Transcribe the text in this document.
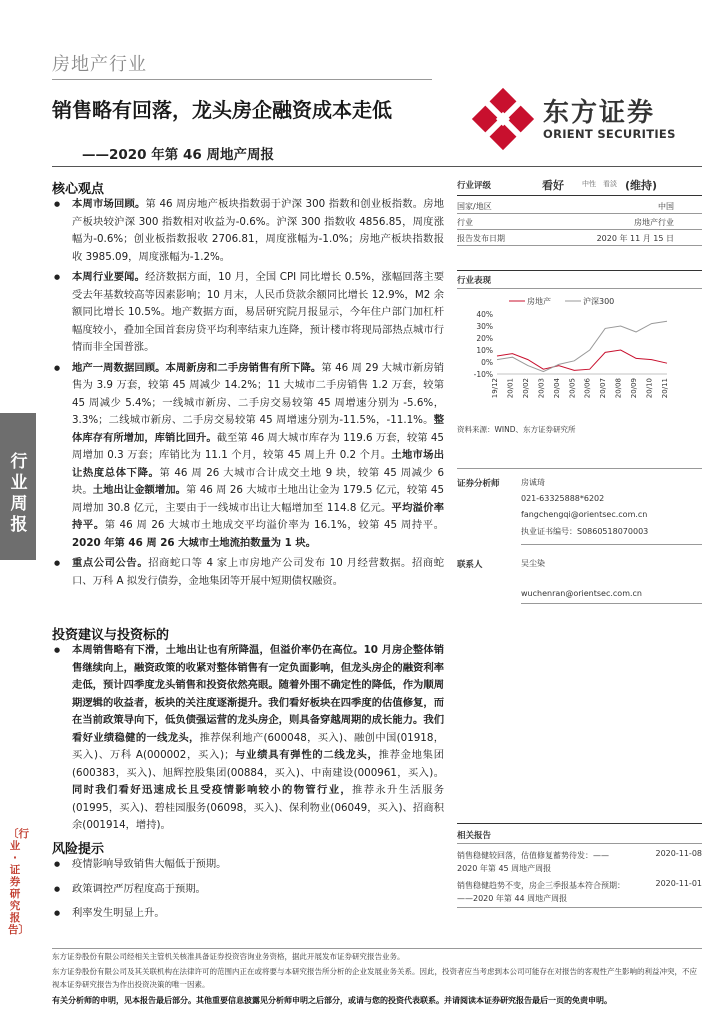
房地产行业
销售略有回落，龙头房企融资成本走低
——2020 年第 46 周地产周报
东方证券
ORIENT SECURITIES
核心观点
● 本周市场回顾。第 46 周房地产板块指数弱于沪深 300 指数和创业板指数。房地产板块较沪深 300 指数相对收益为-0.6%。沪深 300 指数收 4856.85，周度涨幅为-0.6%；创业板指数报收 2706.81，周度涨幅为-1.0%；房地产板块指数报收 3985.09，周度涨幅为-1.2%。
● 本周行业要闻。经济数据方面，10 月，全国 CPI 同比增长 0.5%，涨幅回落主要受去年基数较高等因素影响；10 月末，人民币贷款余额同比增长 12.9%，M2 余额同比增长 10.5%。地产数据方面，易居研究院月报显示，今年住户部门加杠杆幅度较小，叠加全国首套房贷平均利率结束九连降，预计楼市将现局部热点城市行情而非全国普涨。
● 地产一周数据回顾。本周新房和二手房销售有所下降。第 46 周 29 大城市新房销售为 3.9 万套，较第 45 周减少 14.2%；11 大城市二手房销售 1.2 万套，较第 45 周减少 5.4%；一线城市新房、二手房交易较第 45 周增速分别为 -5.6%，3.3%；二线城市新房、二手房交易较第 45 周增速分别为-11.5%，-11.1%。整体库存有所增加，库销比回升。截至第 46 周大城市库存为 119.6 万套，较第 45 周增加 0.3 万套；库销比为 11.1 个月，较第 45 周上升 0.2 个月。土地市场出让热度总体下降。第 46 周 26 大城市合计成交土地 9 块，较第 45 周减少 6 块。土地出让金额增加。第 46 周 26 大城市土地出让金为 179.5 亿元，较第 45 周增加 30.8 亿元，主要由于一线城市出让大幅增加至 114.8 亿元。平均溢价率持平。第 46 周 26 大城市土地成交平均溢价率为 16.1%，较第 45 周持平。2020 年第 46 周 26 大城市土地流拍数量为 1 块。
● 重点公司公告。招商蛇口等 4 家上市房地产公司发布 10 月经营数据。招商蛇口、万科 A 拟发行债券，金地集团等开展中短期债权融资。
投资建议与投资标的
● 本周销售略有下滑，土地出让也有所降温，但溢价率仍在高位。10 月房企整体销售继续向上，融资政策的收紧对整体销售有一定负面影响，但龙头房企的融资利率走低，预计四季度龙头销售和投资依然亮眼。随着外围不确定性的降低，作为顺周期逻辑的收益者，板块的关注度逐渐提升。我们看好板块在四季度的估值修复，而在当前政策导向下，低负债强运营的龙头房企，则具备穿越周期的成长能力。我们看好业绩稳健的一线龙头，推荐保利地产(600048，买入)、融创中国(01918，买入)、万科 A(000002，买入)；与业绩具有弹性的二线龙头，推荐金地集团(600383，买入)、旭辉控股集团(00884，买入)、中南建设(000961，买入)。同时我们看好迅速成长且受疫情影响较小的物管行业，推荐永升生活服务(01995，买入)、碧桂园服务(06098，买入)、保利物业(06049，买入)、招商积余(001914，增持)。
风险提示
● 疫情影响导致销售大幅低于预期。
● 政策调控严厉程度高于预期。
● 利率发生明显上升。
行业周报
〔行业·证券研究报告〕
行业评级	看好	中性 看淡 (维持)
国家/地区	中国
行业	房地产行业
报告发布日期	2020 年 11 月 15 日
行业表现
房地产	沪深300
40%
30%
20%
10%
0%
-10%
19/12 20/01 20/02 20/03 20/04 20/05 20/06 20/07 20/08 20/09 20/10 20/11
资料来源：WIND、东方证券研究所
证券分析师	房诚琦
021-63325888*6202
fangchengqi@orientsec.com.cn
执业证书编号：S0860518070003
联系人	吴尘染
wuchenran@orientsec.com.cn
相关报告
销售稳健较回落，估值修复蓄势待发：——2020 年第 45 周地产周报
2020-11-08
销售稳健趋势不变，房企三季报基本符合预期：——2020 年第 44 周地产周报
2020-11-01
东方证券股份有限公司经相关主管机关核准具备证券投资咨询业务资格，据此开展发布证券研究报告业务。
东方证券股份有限公司及其关联机构在法律许可的范围内正在或将要与本研究报告所分析的企业发展业务关系。因此，投资者应当考虑到本公司可能存在对报告的客观性产生影响的利益冲突，不应视本证券研究报告为作出投资决策的唯一因素。
有关分析师的申明，见本报告最后部分。其他重要信息披露见分析师申明之后部分，或请与您的投资代表联系。并请阅读本证券研究报告最后一页的免责申明。
